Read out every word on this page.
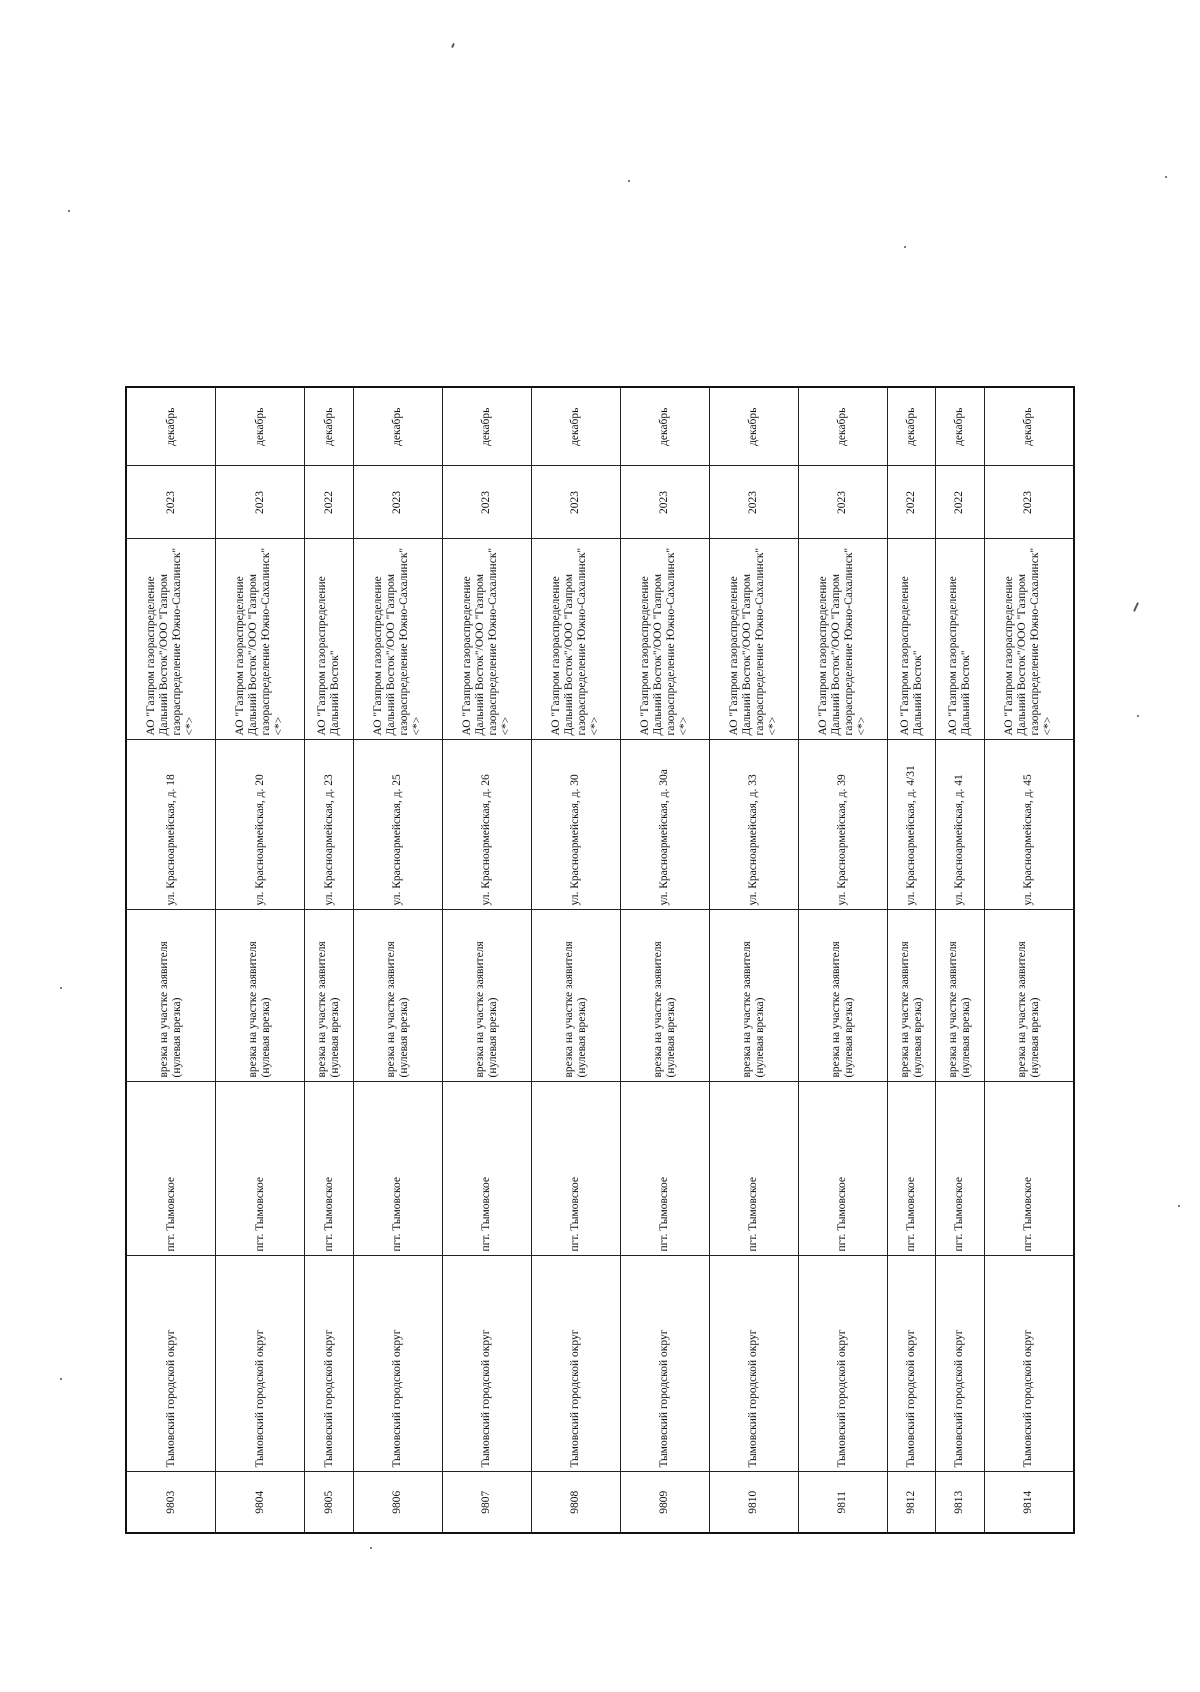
9803	Тымовский городской округ	пгт. Тымовское	врезка на участке заявителя (нулевая врезка)	ул. Красноармейская, д. 18	АО "Газпром газораспределение Дальний Восток"/ООО "Газпром газораспределение Южно-Сахалинск" <*>	2023	декабрь
9804	Тымовский городской округ	пгт. Тымовское	врезка на участке заявителя (нулевая врезка)	ул. Красноармейская, д. 20	АО "Газпром газораспределение Дальний Восток"/ООО "Газпром газораспределение Южно-Сахалинск" <*>	2023	декабрь
9805	Тымовский городской округ	пгт. Тымовское	врезка на участке заявителя (нулевая врезка)	ул. Красноармейская, д. 23	АО "Газпром газораспределение Дальний Восток"	2022	декабрь
9806	Тымовский городской округ	пгт. Тымовское	врезка на участке заявителя (нулевая врезка)	ул. Красноармейская, д. 25	АО "Газпром газораспределение Дальний Восток"/ООО "Газпром газораспределение Южно-Сахалинск" <*>	2023	декабрь
9807	Тымовский городской округ	пгт. Тымовское	врезка на участке заявителя (нулевая врезка)	ул. Красноармейская, д. 26	АО "Газпром газораспределение Дальний Восток"/ООО "Газпром газораспределение Южно-Сахалинск" <*>	2023	декабрь
9808	Тымовский городской округ	пгт. Тымовское	врезка на участке заявителя (нулевая врезка)	ул. Красноармейская, д. 30	АО "Газпром газораспределение Дальний Восток"/ООО "Газпром газораспределение Южно-Сахалинск" <*>	2023	декабрь
9809	Тымовский городской округ	пгт. Тымовское	врезка на участке заявителя (нулевая врезка)	ул. Красноармейская, д. 30а	АО "Газпром газораспределение Дальний Восток"/ООО "Газпром газораспределение Южно-Сахалинск" <*>	2023	декабрь
9810	Тымовский городской округ	пгт. Тымовское	врезка на участке заявителя (нулевая врезка)	ул. Красноармейская, д. 33	АО "Газпром газораспределение Дальний Восток"/ООО "Газпром газораспределение Южно-Сахалинск" <*>	2023	декабрь
9811	Тымовский городской округ	пгт. Тымовское	врезка на участке заявителя (нулевая врезка)	ул. Красноармейская, д. 39	АО "Газпром газораспределение Дальний Восток"/ООО "Газпром газораспределение Южно-Сахалинск" <*>	2023	декабрь
9812	Тымовский городской округ	пгт. Тымовское	врезка на участке заявителя (нулевая врезка)	ул. Красноармейская, д. 4/31	АО "Газпром газораспределение Дальний Восток"	2022	декабрь
9813	Тымовский городской округ	пгт. Тымовское	врезка на участке заявителя (нулевая врезка)	ул. Красноармейская, д. 41	АО "Газпром газораспределение Дальний Восток"	2022	декабрь
9814	Тымовский городской округ	пгт. Тымовское	врезка на участке заявителя (нулевая врезка)	ул. Красноармейская, д. 45	АО "Газпром газораспределение Дальний Восток"/ООО "Газпром газораспределение Южно-Сахалинск" <*>	2023	декабрь
